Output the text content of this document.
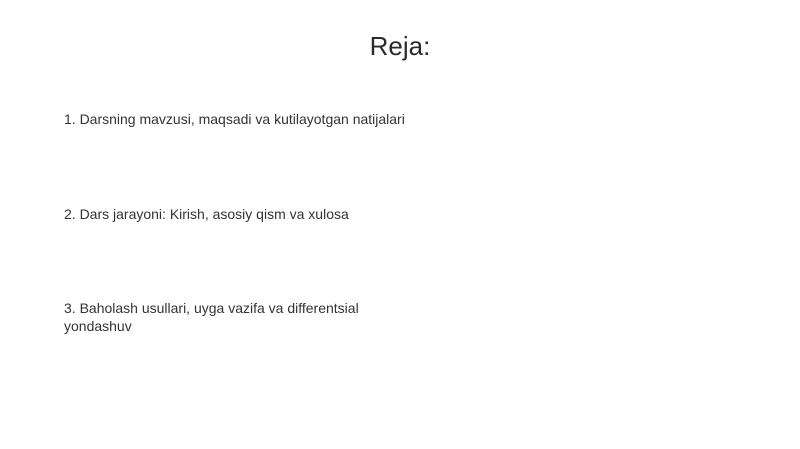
Reja:
1. Darsning mavzusi, maqsadi va kutilayotgan natijalari
2. Dars jarayoni: Kirish, asosiy qism va xulosa
3. Baholash usullari, uyga vazifa va differentsial yondashuv
